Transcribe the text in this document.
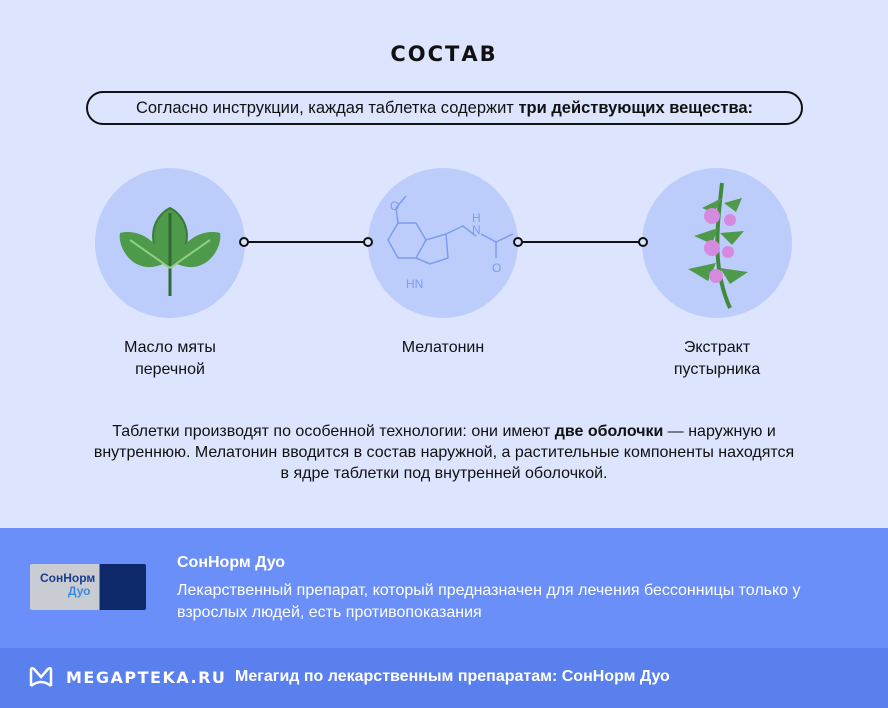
СОСТАВ
Согласно инструкции, каждая таблетка содержит три действующих вещества:
O
N
H
O
HN
Масло мяты
перечной
Мелатонин	Экстракт
пустырника
Таблетки производят по особенной технологии: они имеют две оболочки — наружную и внутреннюю. Мелатонин вводится в состав наружной, а растительные компоненты находятся в ядре таблетки под внутренней оболочкой.
СонНорм
Дуо
СонНорм Дуо
Лекарственный препарат, который предназначен для лечения бессонницы только у взрослых людей, есть противопоказания
MEGAPTEKA.RU Мегагид по лекарственным препаратам: СонНорм Дуо
